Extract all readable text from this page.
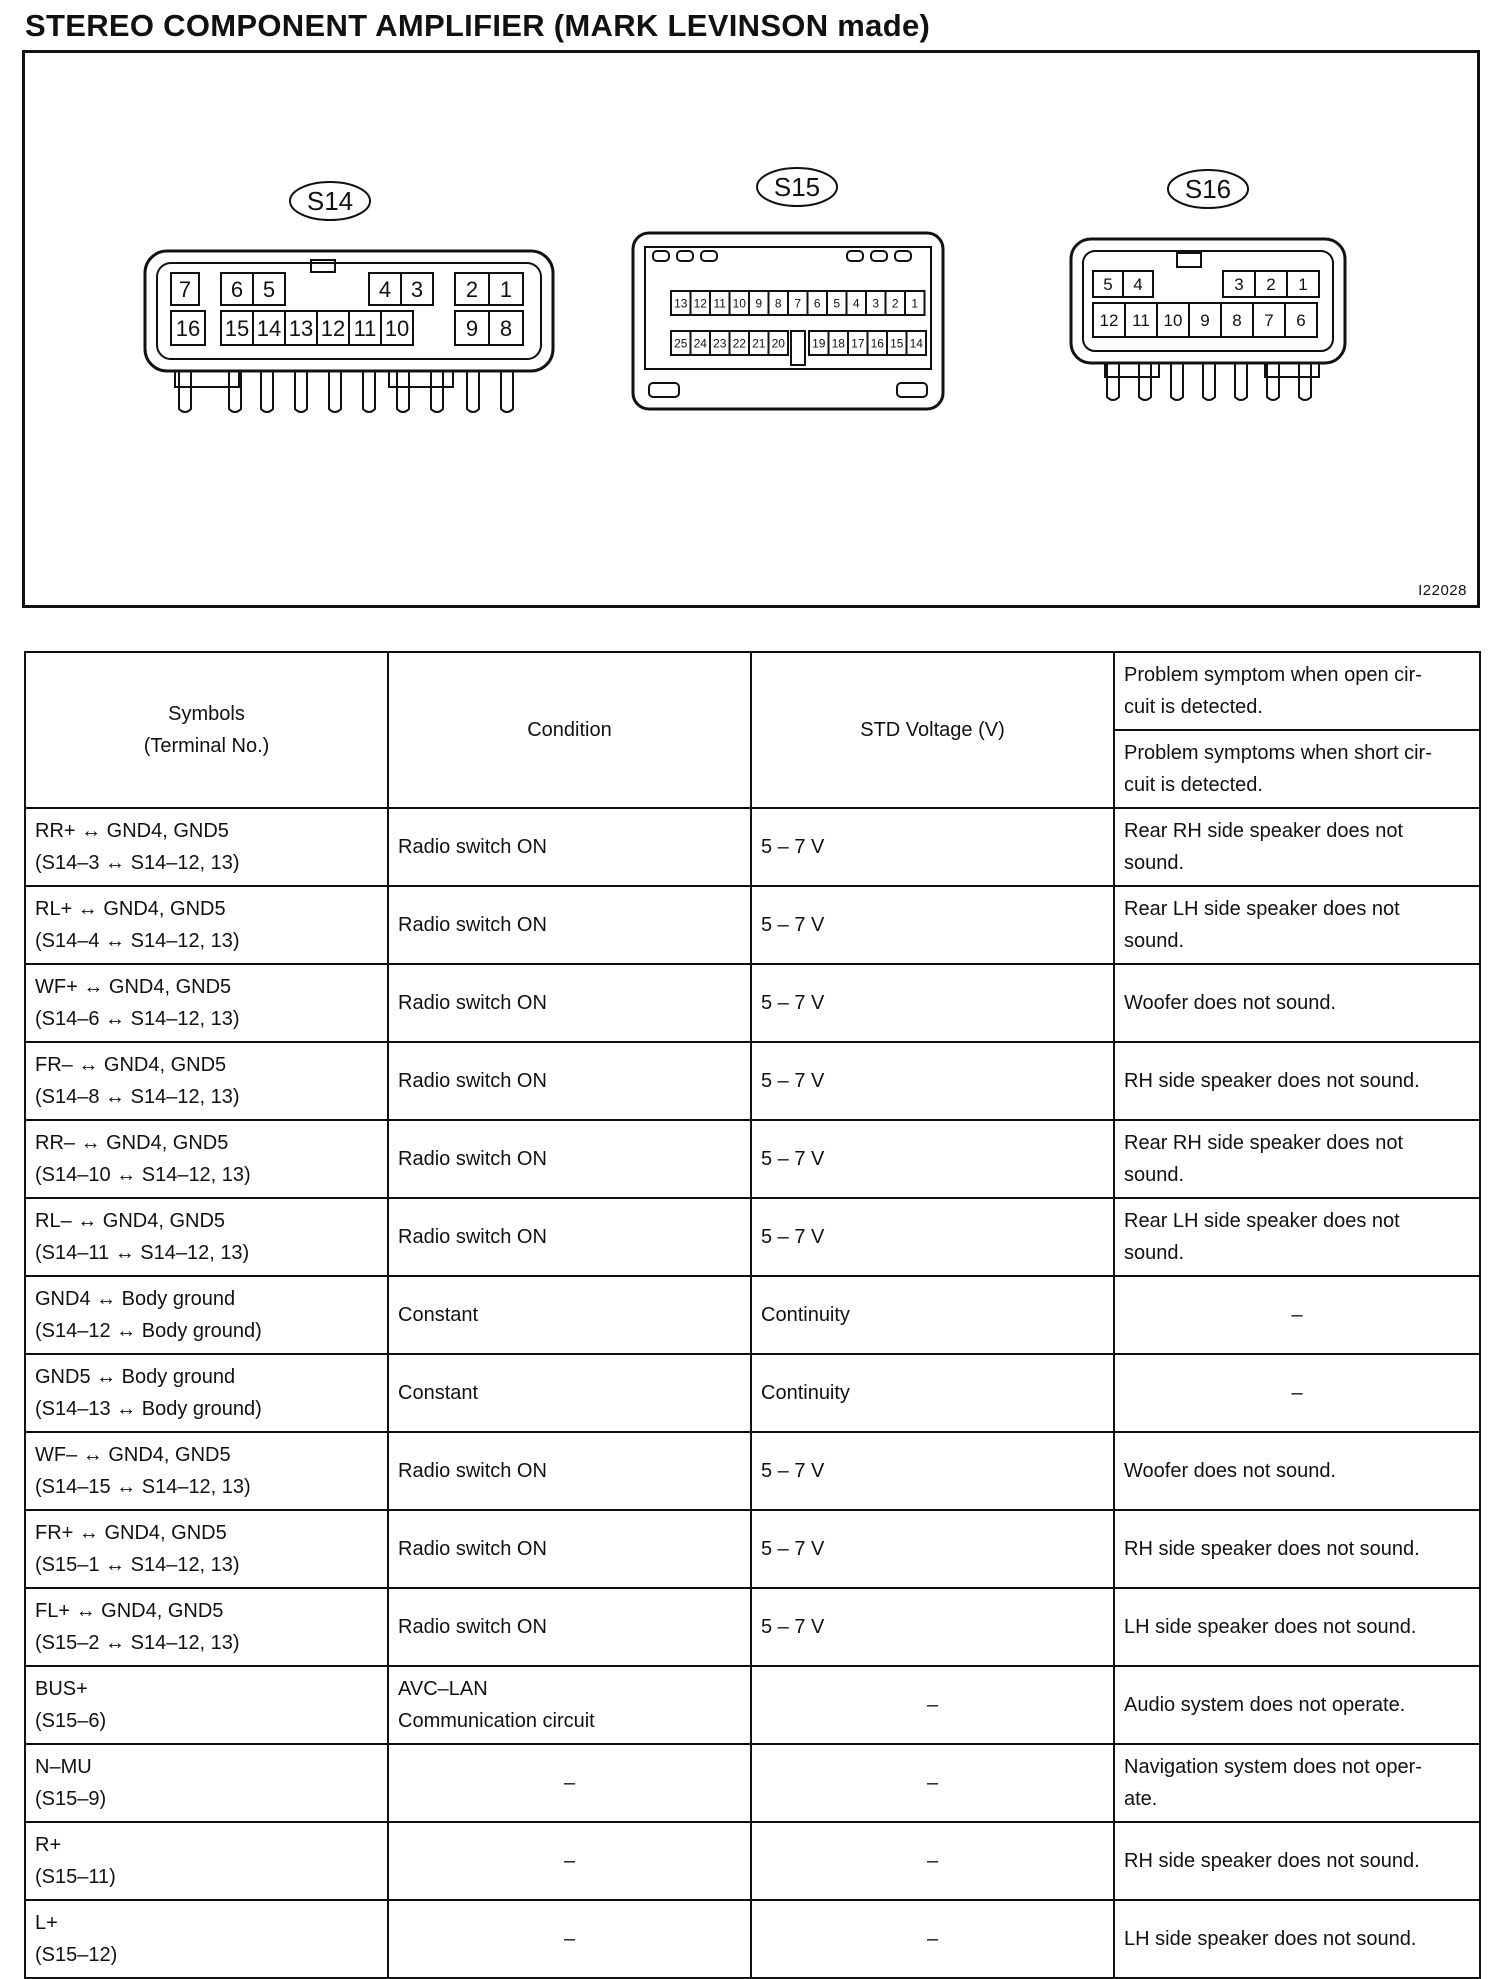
STEREO COMPONENT AMPLIFIER (MARK LEVINSON made)
S14
7 6 5	4 3 2 1
16 15 14 13 12 11 10	9 8
S15
13 12 11 10 9 8 7 6 5 4 3 2 1
25 24 23 22 21 20 19 18 17 16 15 14
S16
5 4	3 2 1
12 11 10 9 8 7 6
I22028
Symbols
(Terminal No.)	Condition	STD Voltage (V)	Problem symptom when open cir-
cuit is detected.

			Problem symptoms when short cir-
cuit is detected.

RR+ ↔ GND4, GND5
(S14–3 ↔ S14–12, 13)	Radio switch ON	5 – 7 V	Rear RH side speaker does not
sound.

RL+ ↔ GND4, GND5
(S14–4 ↔ S14–12, 13)	Radio switch ON	5 – 7 V	Rear LH side speaker does not
sound.

WF+ ↔ GND4, GND5
(S14–6 ↔ S14–12, 13)	Radio switch ON	5 – 7 V	Woofer does not sound.

FR– ↔ GND4, GND5
(S14–8 ↔ S14–12, 13)	Radio switch ON	5 – 7 V	RH side speaker does not sound.

RR– ↔ GND4, GND5
(S14–10 ↔ S14–12, 13)	Radio switch ON	5 – 7 V	Rear RH side speaker does not
sound.

RL– ↔ GND4, GND5
(S14–11 ↔ S14–12, 13)	Radio switch ON	5 – 7 V	Rear LH side speaker does not
sound.

GND4 ↔ Body ground
(S14–12 ↔ Body ground)	Constant	Continuity	–

GND5 ↔ Body ground
(S14–13 ↔ Body ground)	Constant	Continuity	–

WF– ↔ GND4, GND5
(S14–15 ↔ S14–12, 13)	Radio switch ON	5 – 7 V	Woofer does not sound.

FR+ ↔ GND4, GND5
(S15–1 ↔ S14–12, 13)	Radio switch ON	5 – 7 V	RH side speaker does not sound.

FL+ ↔ GND4, GND5
(S15–2 ↔ S14–12, 13)	Radio switch ON	5 – 7 V	LH side speaker does not sound.

BUS+
(S15–6)	AVC–LAN
Communication circuit	–	Audio system does not operate.

N–MU
(S15–9)	–	–	Navigation system does not oper-
ate.

R+
(S15–11)	–	–	RH side speaker does not sound.

L+
(S15–12)	–	–	LH side speaker does not sound.
